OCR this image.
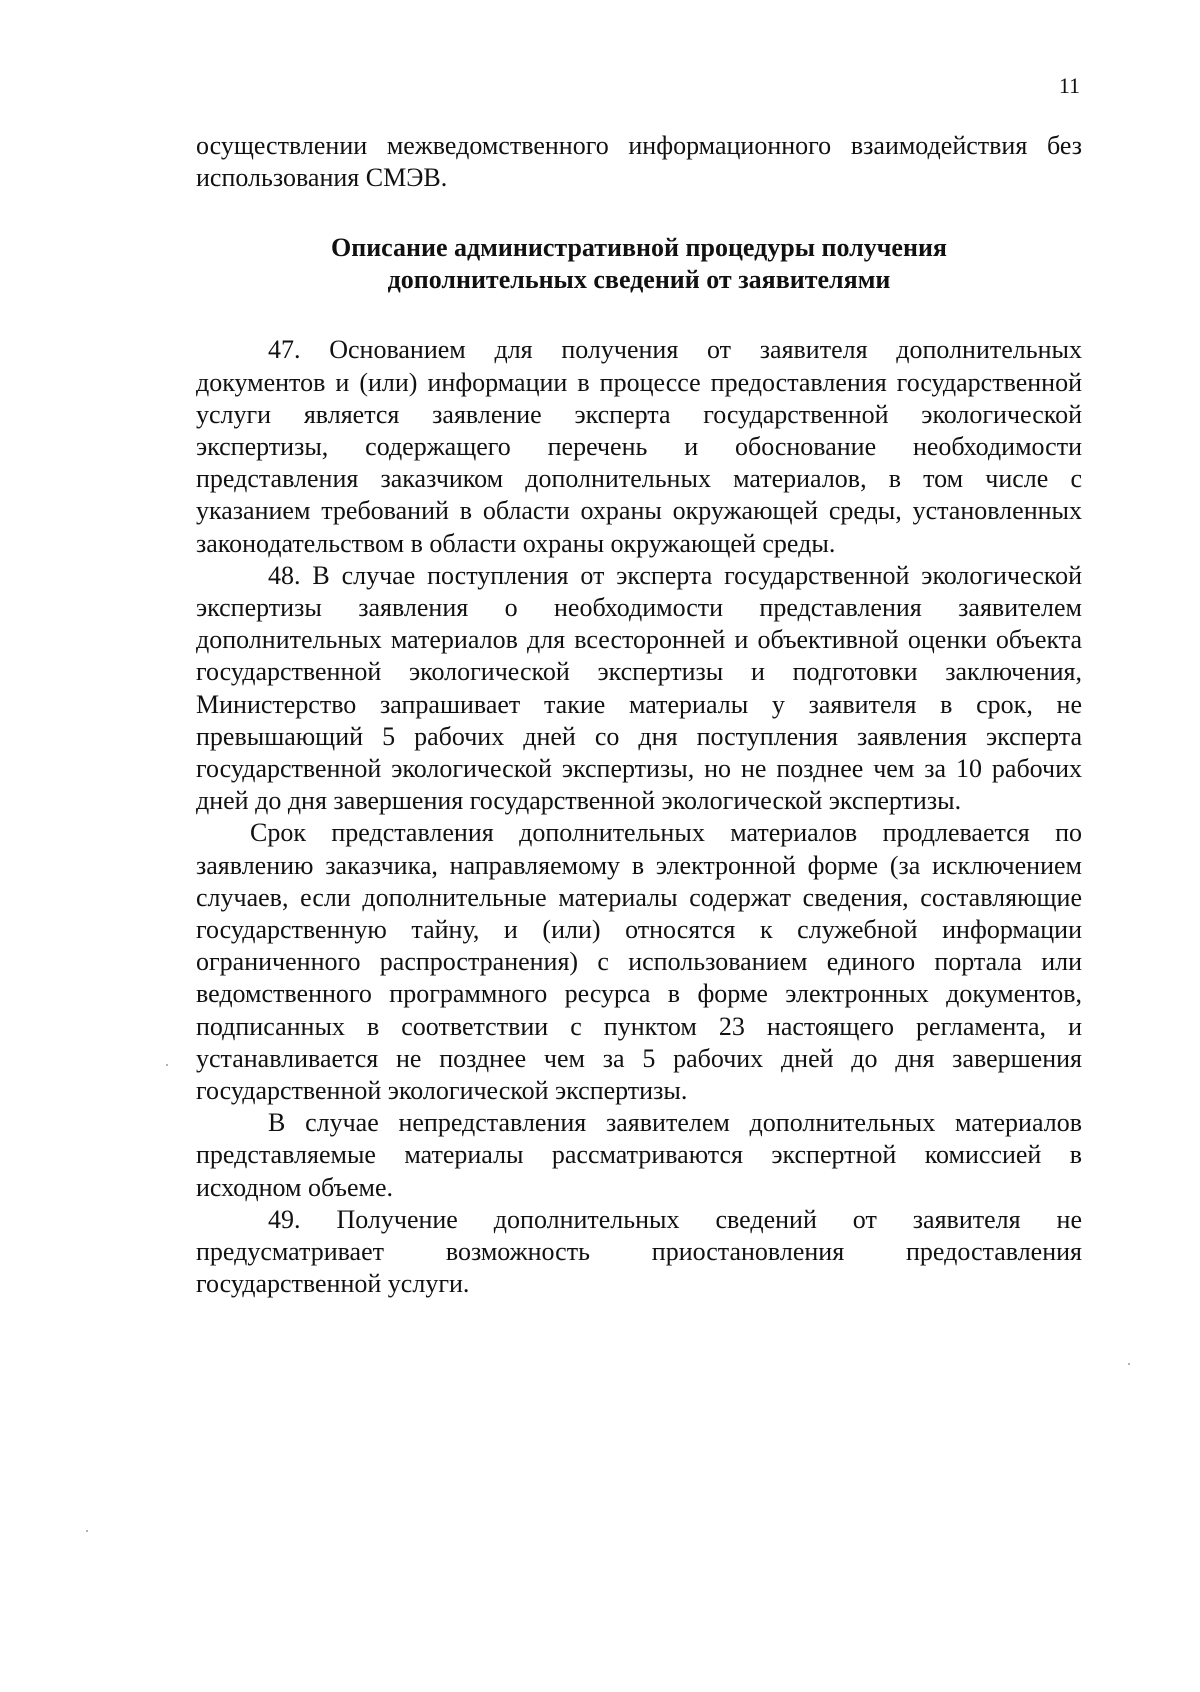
11

осуществлении межведомственного информационного взаимодействия без использования СМЭВ.

Описание административной процедуры получения
дополнительных сведений от заявителями

47. Основанием для получения от заявителя дополнительных документов и (или) информации в процессе предоставления государственной услуги является заявление эксперта государственной экологической экспертизы, содержащего перечень и обоснование необходимости представления заказчиком дополнительных материалов, в том числе с указанием требований в области охраны окружающей среды, установленных законодательством в области охраны окружающей среды.

48. В случае поступления от эксперта государственной экологической экспертизы заявления о необходимости представления заявителем дополнительных материалов для всесторонней и объективной оценки объекта государственной экологической экспертизы и подготовки заключения, Министерство запрашивает такие материалы у заявителя в срок, не превышающий 5 рабочих дней со дня поступления заявления эксперта государственной экологической экспертизы, но не позднее чем за 10 рабочих дней до дня завершения государственной экологической экспертизы.

Срок представления дополнительных материалов продлевается по заявлению заказчика, направляемому в электронной форме (за исключением случаев, если дополнительные материалы содержат сведения, составляющие государственную тайну, и (или) относятся к служебной информации ограниченного распространения) с использованием единого портала или ведомственного программного ресурса в форме электронных документов, подписанных в соответствии с пунктом 23 настоящего регламента, и устанавливается не позднее чем за 5 рабочих дней до дня завершения государственной экологической экспертизы.

В случае непредставления заявителем дополнительных материалов представляемые материалы рассматриваются экспертной комиссией в исходном объеме.

49. Получение дополнительных сведений от заявителя не предусматривает возможность приостановления предоставления государственной услуги.
